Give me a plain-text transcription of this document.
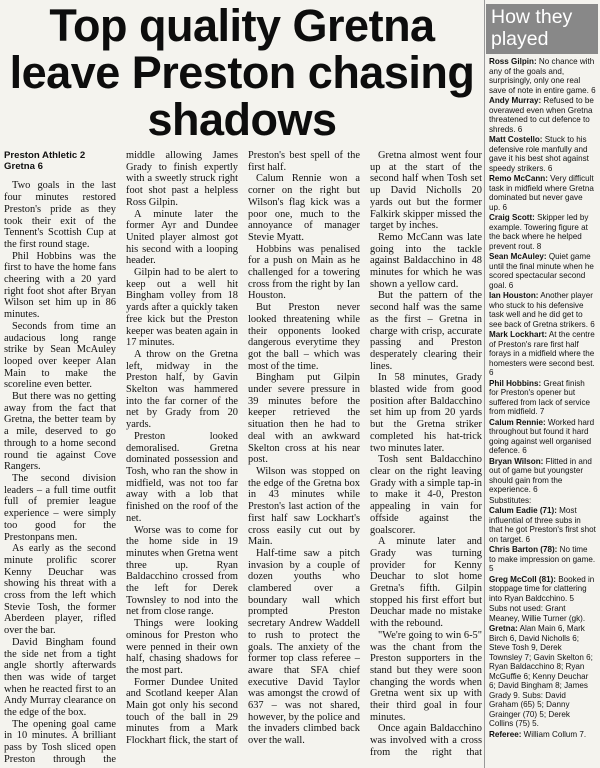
Top quality Gretna leave Preston chasing shadows

Preston Athletic 2

Gretna 6

Two goals in the last four minutes restored Preston's pride as they took their exit of the Tennent's Scottish Cup at the first round stage.

Phil Hobbins was the first to have the home fans cheering with a 20 yard right foot shot after Bryan Wilson set him up in 86 minutes.

Seconds from time an audacious long range strike by Sean McAuley looped over keeper Alan Main to make the scoreline even better.

But there was no getting away from the fact that Gretna, the better team by a mile, deserved to go through to a home second round tie against Cove Rangers.

The second division leaders – a full time outfit full of premier league experience – were simply too good for the Prestonpans men.

As early as the second minute prolific scorer Kenny Deuchar was showing his threat with a cross from the left which Stevie Tosh, the former Aberdeen player, rifled over the bar.

David Bingham found the side net from a tight angle shortly afterwards then was wide of target when he reacted first to an Andy Murray clearance on the edge of the box.

The opening goal came in 10 minutes. A brilliant pass by Tosh sliced open Preston through the middle allowing James Grady to finish expertly with a sweetly struck right foot shot past a helpless Ross Gilpin.

A minute later the former Ayr and Dundee United player almost got his second with a looping header.

Gilpin had to be alert to keep out a well hit Bingham volley from 18 yards after a quickly taken free kick but the Preston keeper was beaten again in 17 minutes.

A throw on the Gretna left, midway in the Preston half, by Gavin Skelton was hammered into the far corner of the net by Grady from 20 yards.

Preston looked demoralised. Gretna dominated possession and Tosh, who ran the show in midfield, was not too far away with a lob that finished on the roof of the net.

Worse was to come for the home side in 19 minutes when Gretna went three up. Ryan Baldacchino crossed from the left for Derek Townsley to nod into the net from close range.

Things were looking ominous for Preston who were penned in their own half, chasing shadows for the most part.

Former Dundee United and Scotland keeper Alan Main got only his second touch of the ball in 29 minutes from a Mark Flockhart flick, the start of Preston's best spell of the first half.

Calum Rennie won a corner on the right but Wilson's flag kick was a poor one, much to the annoyance of manager Stevie Myatt.

Hobbins was penalised for a push on Main as he challenged for a towering cross from the right by Ian Houston.

But Preston never looked threatening while their opponents looked dangerous everytime they got the ball – which was most of the time.

Bingham put Gilpin under severe pressure in 39 minutes before the keeper retrieved the situation then he had to deal with an awkward Skelton cross at his near post.

Wilson was stopped on the edge of the Gretna box in 43 minutes while Preston's last action of the first half saw Lockhart's cross easily cut out by Main.

Half-time saw a pitch invasion by a couple of dozen youths who clambered over a boundary wall which prompted Preston secretary Andrew Waddell to rush to protect the goals. The anxiety of the former top class referee – aware that SFA chief executive David Taylor was amongst the crowd of 637 – was not shared, however, by the police and the invaders climbed back over the wall.

Gretna almost went four up at the start of the second half when Tosh set up David Nicholls 20 yards out but the former Falkirk skipper missed the target by inches.

Remo McCann was late going into the tackle against Baldacchino in 48 minutes for which he was shown a yellow card.

But the pattern of the second half was the same as the first – Gretna in charge with crisp, accurate passing and Preston desperately clearing their lines.

In 58 minutes, Grady blasted wide from good position after Baldacchino set him up from 20 yards but the Gretna striker completed his hat-trick two minutes later.

Tosh sent Baldacchino clear on the right leaving Grady with a simple tap-in to make it 4-0, Preston appealing in vain for offside against the goalscorer.

A minute later and Grady was turning provider for Kenny Deuchar to slot home Gretna's fifth. Gilpin stopped his first effort but Deuchar made no mistake with the rebound.

"We're going to win 6-5" was the chant from the Preston supporters in the stand but they were soon changing the words when Gretna went six up with their third goal in four minutes.

Once again Baldacchino was involved with a cross from the right that

How they played
Ross Gilpin: No chance with any of the goals and, surprisingly, only one real save of note in entire game. 6
Andy Murray: Refused to be overawed even when Gretna threatened to cut defence to shreds. 6
Matt Costello: Stuck to his defensive role manfully and gave it his best shot against speedy strikers. 6
Remo McCann: Very difficult task in midfield where Gretna dominated but never gave up. 6
Craig Scott: Skipper led by example. Towering figure at the back where he helped prevent rout. 8
Sean McAuley: Quiet game until the final minute when he scored spectacular second goal. 6
Ian Houston: Another player who stuck to his defensive task well and he did get to see back of Gretna strikers. 6
Mark Lockhart: At the centre of Preston's rare first half forays in a midfield where the homesters were second best. 6
Phil Hobbins: Great finish for Preston's opener but suffered from lack of service from midfield. 7
Calum Rennie: Worked hard throughout but found it hard going against well organised defence. 6
Bryan Wilson: Flitted in and out of game but youngster should gain from the experience. 6
Substitutes:
Calum Eadie (71): Most influential of three subs in that he got Preston's first shot on target. 6
Chris Barton (78): No time to make impression on game. 5
Greg McColl (81): Booked in stoppage time for clattering into Ryan Baldcchino. 5
Subs not used: Grant Meaney, Willie Turner (gk).
Gretna: Alan Main 6, Mark Birch 6, David Nicholls 6; Steve Tosh 9, Derek Townsley 7; Gavin Skelton 6; Ryan Baldacchino 8; Ryan McGuffie 6; Kenny Deuchar 6; David Bingham 8; James Grady 9. Subs: David Graham (65) 5; Danny Grainger (70) 5; Derek Collins (75) 5.
Referee: William Collum 7.
